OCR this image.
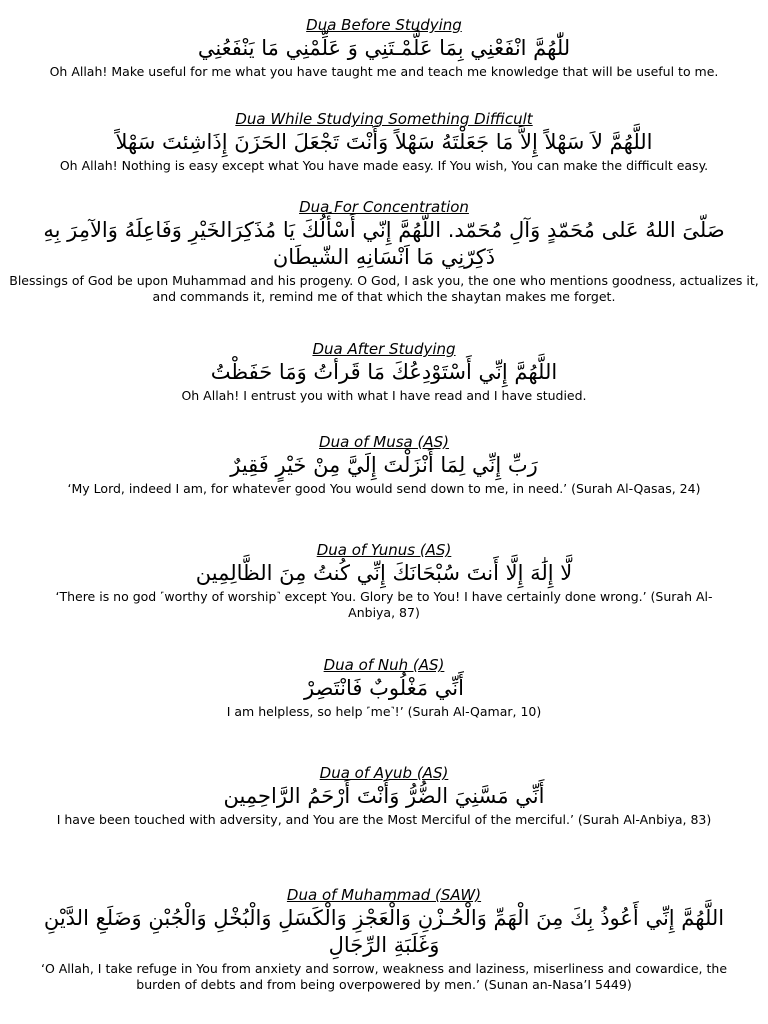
Dua Before Studying
للّٰهُمَّ انْفَعْنِي بِمَا عَلَّمْـتَنِي وَ عَلِّمْنِي مَا يَنْفَعُنِي
Oh Allah! Make useful for me what you have taught me and teach me knowledge that will be useful to me.
Dua While Studying Something Difficult
اللَّهُمَّ لاَ سَهْلاً إِلاَّ مَا جَعَلْتَهُ سَهْلاً وَأَنْتَ تَجْعَلَ الحَزَنَ إِذَاشِئتَ سَهْلاً
Oh Allah! Nothing is easy except what You have made easy. If You wish, You can make the difficult easy.
Dua For Concentration
صَلّىَ اللهُ عَلى مُحَمّدٍ وَآلِ مُحَمّد. اللّهُمَّ إِنّي أَسْأَلُكَ يَا مُذَكِرَالخَيْرِ وَفَاعِلَهُ وَالآمِرَ بِهِ ذَكِرّنِي مَا اَنْسَانِهِ الشّيطَان
Blessings of God be upon Muhammad and his progeny. O God, I ask you, the one who mentions goodness, actualizes it, and commands it, remind me of that which the shaytan makes me forget.
Dua After Studying
اللَّهُمَّ إِنِّي أَسْتَوْدِعُكَ مَا قَرأتُ وَمَا حَفَظْتُ
Oh Allah! I entrust you with what I have read and I have studied.
Dua of Musa (AS)
رَبِّ إِنِّي لِمَا أَنْزَلْتَ إِلَيَّ مِنْ خَيْرٍ فَقِيرٌ
‘My Lord, indeed I am, for whatever good You would send down to me, in need.’ (Surah Al-Qasas, 24)
Dua of Yunus (AS)
لَّا إِلَٰهَ إِلَّا أَنتَ سُبْحَانَكَ إِنِّي كُنتُ مِنَ الظَّالِمِين
‘There is no god ˹worthy of worship˺ except You. Glory be to You! I have certainly done wrong.’ (Surah Al-Anbiya, 87)
Dua of Nuh (AS)
أَنِّي مَغْلُوبٌ فَانْتَصِرْ
I am helpless, so help ˹me˺!’ (Surah Al-Qamar, 10)
Dua of Ayub (AS)
أَنِّي مَسَّنِيَ الضُّرُّ وَأَنْتَ أَرْحَمُ الرَّاحِمِين
I have been touched with adversity, and You are the Most Merciful of the merciful.’ (Surah Al-Anbiya, 83)
Dua of Muhammad (SAW)
اللَّهُمَّ إِنِّي أَعُوذُ بِكَ مِنَ الْهَمِّ وَالْحُـزْنِ وَالْعَجْزِ وَالْكَسَلِ وَالْبُخْلِ وَالْجُبْنِ وَضَلَعِ الدَّيْنِ وَغَلَبَةِ الرِّجَالِ
‘O Allah, I take refuge in You from anxiety and sorrow, weakness and laziness, miserliness and cowardice, the burden of debts and from being overpowered by men.’ (Sunan an-Nasa’I 5449)
